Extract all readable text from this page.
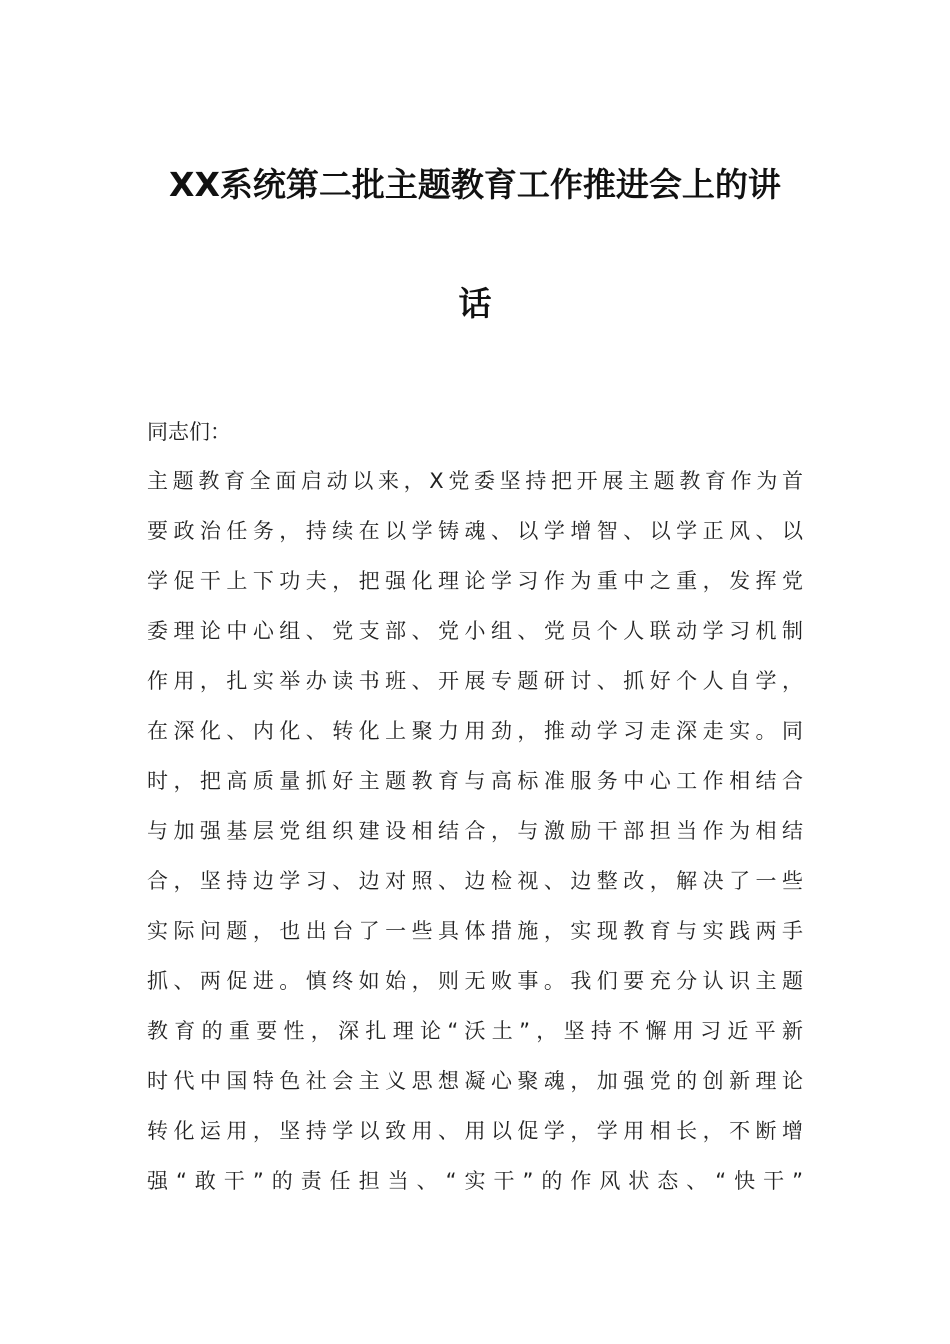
XX系统第二批主题教育工作推进会上的讲
话

同志们：

主题教育全面启动以来，X党委坚持把开展主题教育作为首

要政治任务，持续在以学铸魂、以学增智、以学正风、以

学促干上下功夫，把强化理论学习作为重中之重，发挥党

委理论中心组、党支部、党小组、党员个人联动学习机制

作用，扎实举办读书班、开展专题研讨、抓好个人自学，

在深化、内化、转化上聚力用劲，推动学习走深走实。同

时，把高质量抓好主题教育与高标准服务中心工作相结合

与加强基层党组织建设相结合，与激励干部担当作为相结

合，坚持边学习、边对照、边检视、边整改，解决了一些

实际问题，也出台了一些具体措施，实现教育与实践两手

抓、两促进。慎终如始，则无败事。我们要充分认识主题

教育的重要性，深扎理论“沃土”，坚持不懈用习近平新

时代中国特色社会主义思想凝心聚魂，加强党的创新理论

转化运用，坚持学以致用、用以促学，学用相长，不断增

强“敢干”的责任担当、“实干”的作风状态、“快干”
